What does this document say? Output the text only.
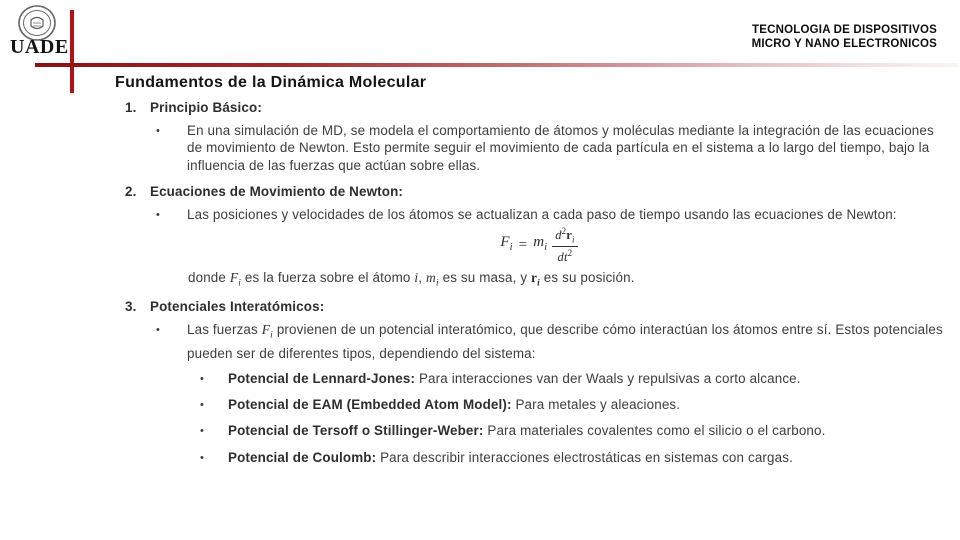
UADE
TECNOLOGIA DE DISPOSITIVOS
MICRO Y NANO ELECTRONICOS
Fundamentos de la Dinámica Molecular
1.	Principio Básico:
•	En una simulación de MD, se modela el comportamiento de átomos y moléculas mediante la integración de las ecuaciones de movimiento de Newton. Esto permite seguir el movimiento de cada partícula en el sistema a lo largo del tiempo, bajo la influencia de las fuerzas que actúan sobre ellas.
2.	Ecuaciones de Movimiento de Newton:
•	Las posiciones y velocidades de los átomos se actualizan a cada paso de tiempo usando las ecuaciones de Newton:
$F_i = m_i \frac{d^2r_i}{dt^2}$
donde $F_i$ es la fuerza sobre el átomo i, $m_i$ es su masa, y $r_i$ es su posición.
3.	Potenciales Interatómicos:
•	Las fuerzas $F_i$ provienen de un potencial interatómico, que describe cómo interactúan los átomos entre sí. Estos potenciales pueden ser de diferentes tipos, dependiendo del sistema:
•	Potencial de Lennard-Jones: Para interacciones van der Waals y repulsivas a corto alcance.
•	Potencial de EAM (Embedded Atom Model): Para metales y aleaciones.
•	Potencial de Tersoff o Stillinger-Weber: Para materiales covalentes como el silicio o el carbono.
•	Potencial de Coulomb: Para describir interacciones electrostáticas en sistemas con cargas.
